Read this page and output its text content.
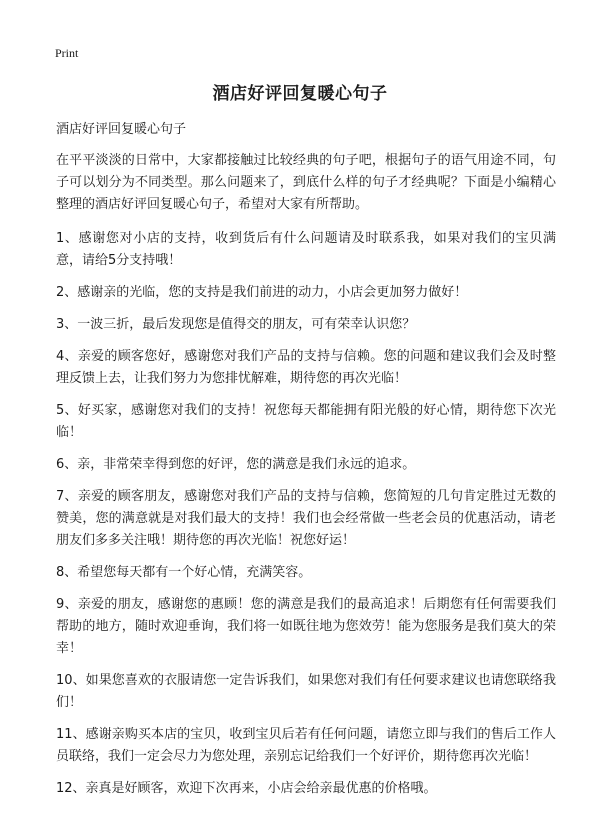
Print
酒店好评回复暖心句子

酒店好评回复暖心句子

在平平淡淡的日常中，大家都接触过比较经典的句子吧，根据句子的语气用途不同，句子可以划分为不同类型。那么问题来了，到底什么样的句子才经典呢？下面是小编精心整理的酒店好评回复暖心句子，希望对大家有所帮助。

1、感谢您对小店的支持，收到货后有什么问题请及时联系我，如果对我们的宝贝满意，请给5分支持哦！

2、感谢亲的光临，您的支持是我们前进的动力，小店会更加努力做好！

3、一波三折，最后发现您是值得交的朋友，可有荣幸认识您？

4、亲爱的顾客您好，感谢您对我们产品的支持与信赖。您的问题和建议我们会及时整理反馈上去，让我们努力为您排忧解难，期待您的再次光临！

5、好买家，感谢您对我们的支持！祝您每天都能拥有阳光般的好心情，期待您下次光临！

6、亲，非常荣幸得到您的好评，您的满意是我们永远的追求。

7、亲爱的顾客朋友，感谢您对我们产品的支持与信赖，您简短的几句肯定胜过无数的赞美，您的满意就是对我们最大的支持！我们也会经常做一些老会员的优惠活动，请老朋友们多多关注哦！期待您的再次光临！祝您好运！

8、希望您每天都有一个好心情，充满笑容。

9、亲爱的朋友，感谢您的惠顾！您的满意是我们的最高追求！后期您有任何需要我们帮助的地方，随时欢迎垂询，我们将一如既往地为您效劳！能为您服务是我们莫大的荣幸！

10、如果您喜欢的衣服请您一定告诉我们，如果您对我们有任何要求建议也请您联络我们！

11、感谢亲购买本店的宝贝，收到宝贝后若有任何问题，请您立即与我们的售后工作人员联络，我们一定会尽力为您处理，亲别忘记给我们一个好评价，期待您再次光临！

12、亲真是好顾客，欢迎下次再来，小店会给亲最优惠的价格哦。
